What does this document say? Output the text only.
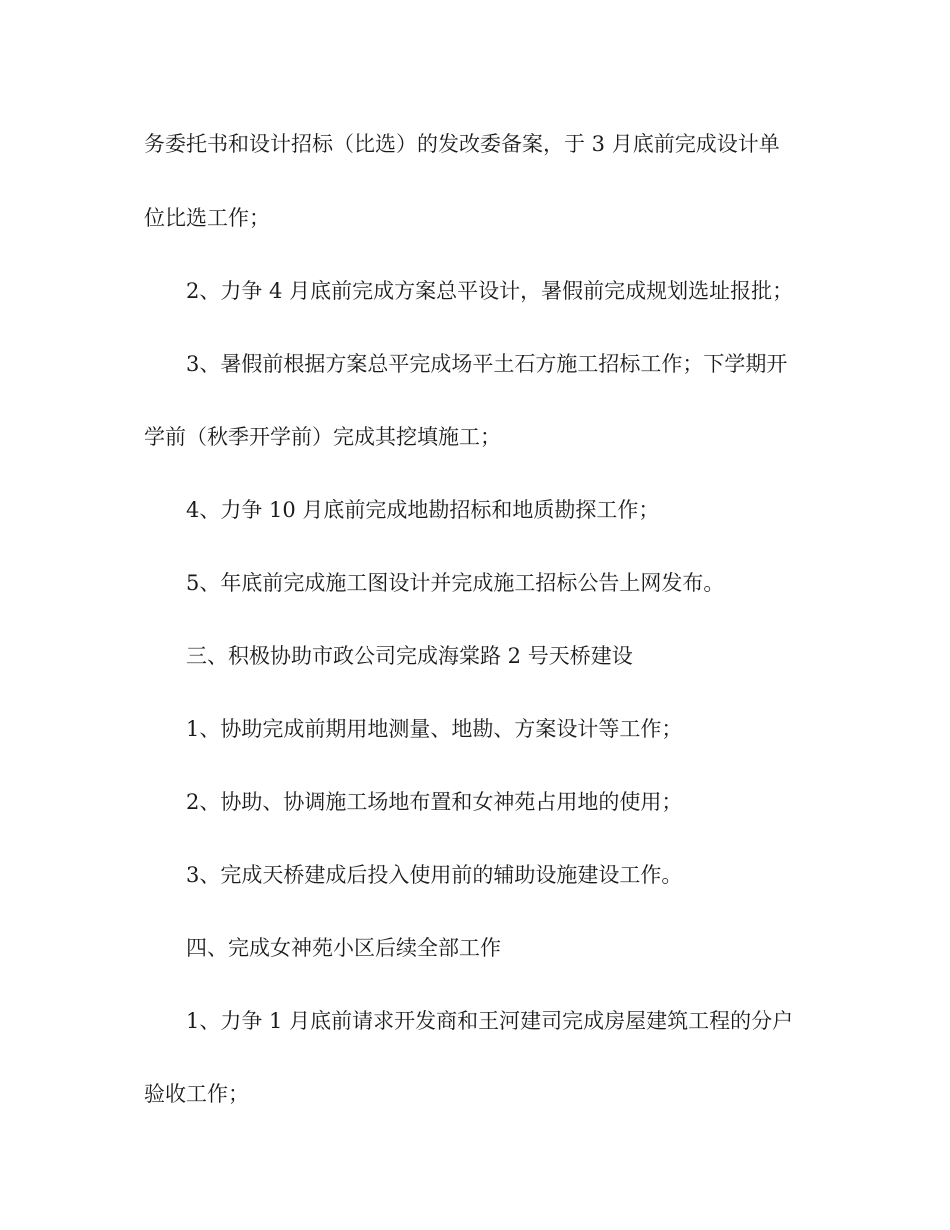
务委托书和设计招标（比选）的发改委备案，于 3 月底前完成设计单
位比选工作；
2、力争 4 月底前完成方案总平设计，暑假前完成规划选址报批；
3、暑假前根据方案总平完成场平土石方施工招标工作；下学期开
学前（秋季开学前）完成其挖填施工；
4、力争 10 月底前完成地勘招标和地质勘探工作；
5、年底前完成施工图设计并完成施工招标公告上网发布。
三、积极协助市政公司完成海棠路 2 号天桥建设
1、协助完成前期用地测量、地勘、方案设计等工作；
2、协助、协调施工场地布置和女神苑占用地的使用；
3、完成天桥建成后投入使用前的辅助设施建设工作。
四、完成女神苑小区后续全部工作
1、力争 1 月底前请求开发商和王河建司完成房屋建筑工程的分户
验收工作；
